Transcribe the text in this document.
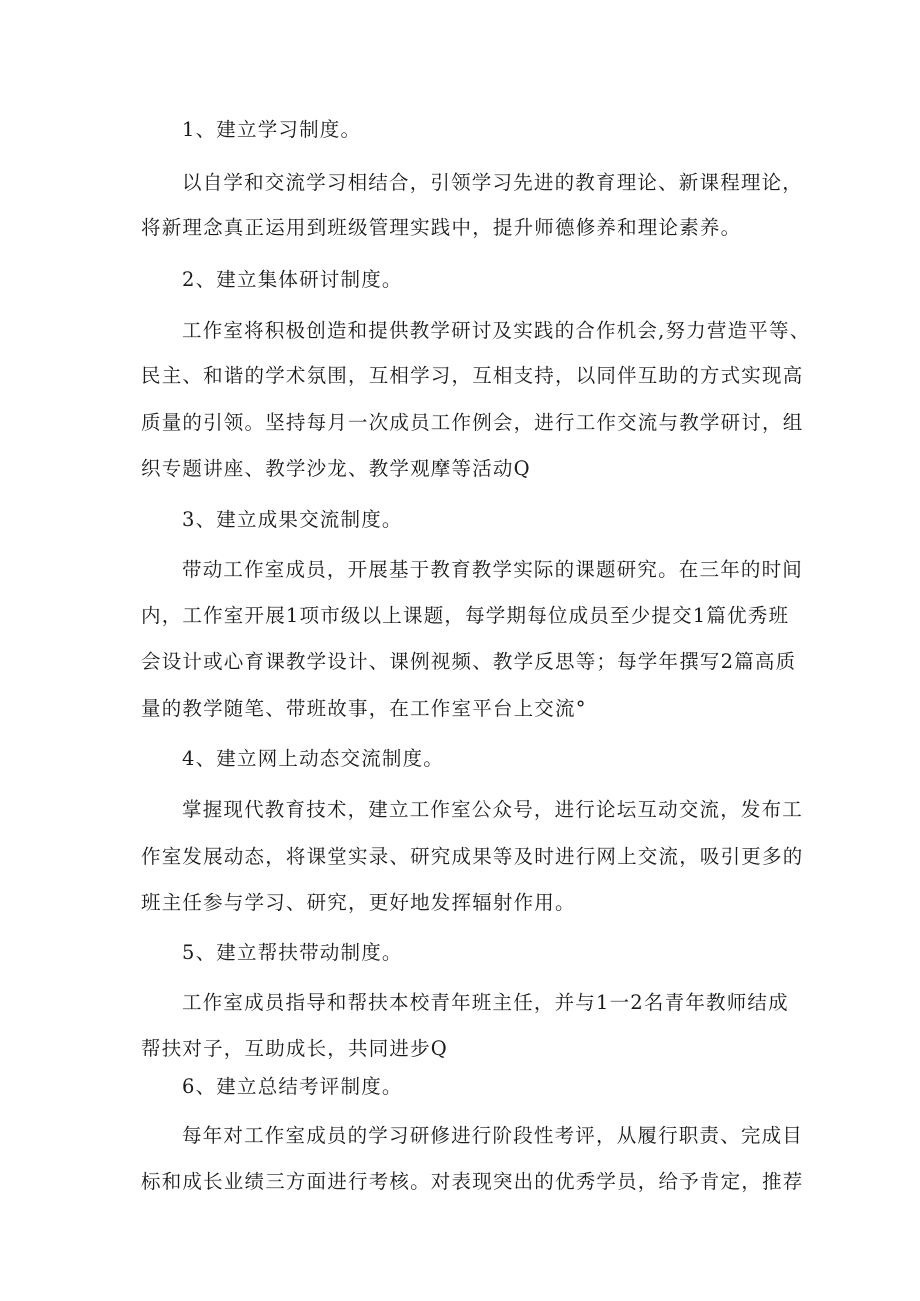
1、建立学习制度。

以自学和交流学习相结合，引领学习先进的教育理论、新课程理论，

将新理念真正运用到班级管理实践中，提升师德修养和理论素养。

2、建立集体研讨制度。

工作室将积极创造和提供教学研讨及实践的合作机会,努力营造平等、

民主、和谐的学术氛围，互相学习，互相支持，以同伴互助的方式实现高

质量的引领。坚持每月一次成员工作例会，进行工作交流与教学研讨，组

织专题讲座、教学沙龙、教学观摩等活动Q

3、建立成果交流制度。

带动工作室成员，开展基于教育教学实际的课题研究。在三年的时间

内，工作室开展1项市级以上课题，每学期每位成员至少提交1篇优秀班

会设计或心育课教学设计、课例视频、教学反思等；每学年撰写2篇高质

量的教学随笔、带班故事，在工作室平台上交流°

4、建立网上动态交流制度。

掌握现代教育技术，建立工作室公众号，进行论坛互动交流，发布工

作室发展动态，将课堂实录、研究成果等及时进行网上交流，吸引更多的

班主任参与学习、研究，更好地发挥辐射作用。

5、建立帮扶带动制度。

工作室成员指导和帮扶本校青年班主任，并与1一2名青年教师结成

帮扶对子，互助成长，共同进步Q

6、建立总结考评制度。

每年对工作室成员的学习研修进行阶段性考评，从履行职责、完成目

标和成长业绩三方面进行考核。对表现突出的优秀学员，给予肯定，推荐
